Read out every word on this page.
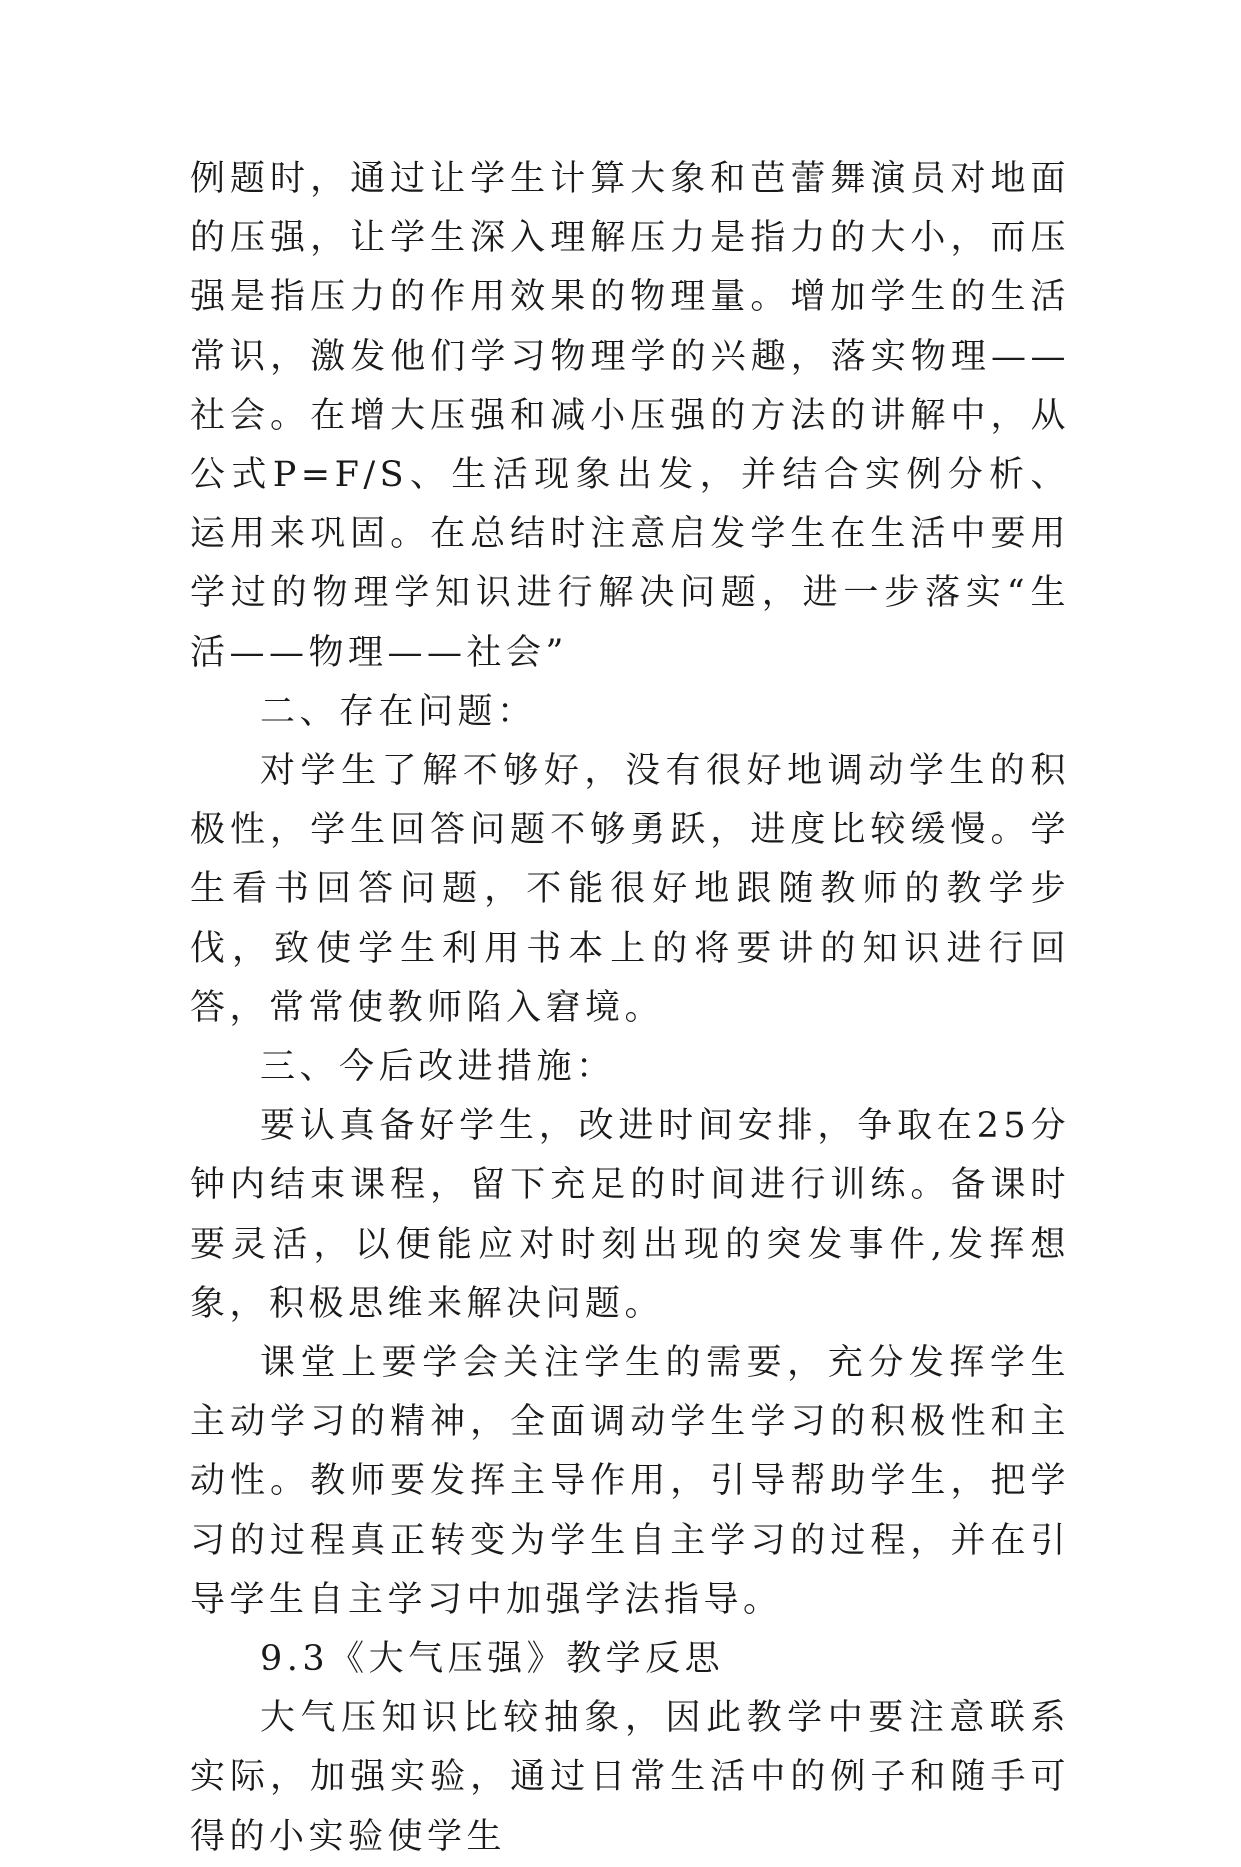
例题时，通过让学生计算大象和芭蕾舞演员对地面的压强，让学生深入理解压力是指力的大小，而压强是指压力的作用效果的物理量。增加学生的生活常识，激发他们学习物理学的兴趣，落实物理——社会。在增大压强和减小压强的方法的讲解中，从公式P=F/S、生活现象出发，并结合实例分析、运用来巩固。在总结时注意启发学生在生活中要用学过的物理学知识进行解决问题，进一步落实“生活——物理——社会”

二、存在问题：

对学生了解不够好，没有很好地调动学生的积极性，学生回答问题不够勇跃，进度比较缓慢。学生看书回答问题，不能很好地跟随教师的教学步伐，致使学生利用书本上的将要讲的知识进行回答，常常使教师陷入窘境。

三、今后改进措施：

要认真备好学生，改进时间安排，争取在25分钟内结束课程，留下充足的时间进行训练。备课时要灵活，以便能应对时刻出现的突发事件,发挥想象，积极思维来解决问题。

课堂上要学会关注学生的需要，充分发挥学生主动学习的精神，全面调动学生学习的积极性和主动性。教师要发挥主导作用，引导帮助学生，把学习的过程真正转变为学生自主学习的过程，并在引导学生自主学习中加强学法指导。

9.3《大气压强》教学反思

大气压知识比较抽象，因此教学中要注意联系实际，加强实验，通过日常生活中的例子和随手可得的小实验使学生
